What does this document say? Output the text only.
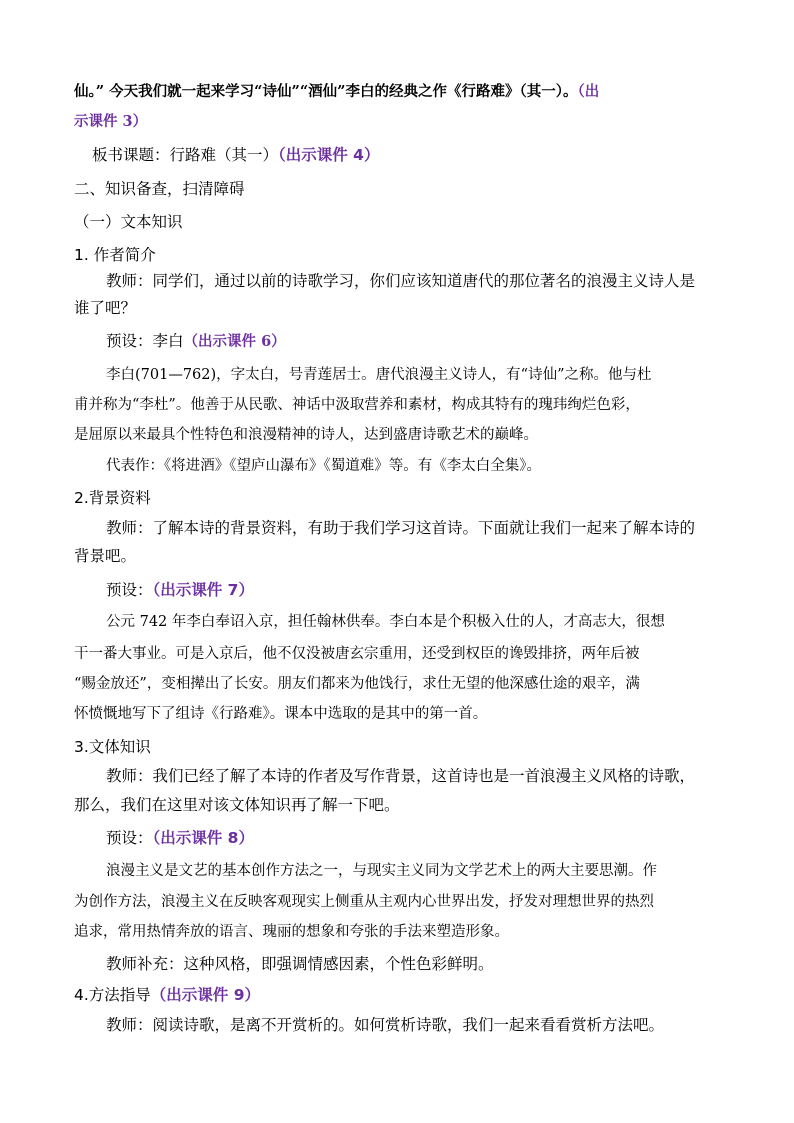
仙。” 今天我们就一起来学习“诗仙”“酒仙”李白的经典之作《行路难》（其一）。（出
示课件 3）
板书课题：行路难（其一）（出示课件 4）
二、知识备查，扫清障碍
（一）文本知识
1. 作者简介
教师：同学们，通过以前的诗歌学习，你们应该知道唐代的那位著名的浪漫主义诗人是
谁了吧？
预设：李白（出示课件 6）
李白(701—762)，字太白，号青莲居士。唐代浪漫主义诗人，有“诗仙”之称。他与杜
甫并称为“李杜”。他善于从民歌、神话中汲取营养和素材，构成其特有的瑰玮绚烂色彩，
是屈原以来最具个性特色和浪漫精神的诗人，达到盛唐诗歌艺术的巅峰。
代表作：《将进酒》《望庐山瀑布》《蜀道难》等。有《李太白全集》。
2.背景资料
教师：了解本诗的背景资料，有助于我们学习这首诗。下面就让我们一起来了解本诗的
背景吧。
预设：（出示课件 7）
公元 742 年李白奉诏入京，担任翰林供奉。李白本是个积极入仕的人，才高志大，很想
干一番大事业。可是入京后，他不仅没被唐玄宗重用，还受到权臣的谗毁排挤，两年后被
“赐金放还”，变相撵出了长安。朋友们都来为他饯行，求仕无望的他深感仕途的艰辛，满
怀愤慨地写下了组诗《行路难》。课本中选取的是其中的第一首。
3.文体知识
教师：我们已经了解了本诗的作者及写作背景，这首诗也是一首浪漫主义风格的诗歌，
那么，我们在这里对该文体知识再了解一下吧。
预设：（出示课件 8）
浪漫主义是文艺的基本创作方法之一，与现实主义同为文学艺术上的两大主要思潮。作
为创作方法，浪漫主义在反映客观现实上侧重从主观内心世界出发，抒发对理想世界的热烈
追求，常用热情奔放的语言、瑰丽的想象和夸张的手法来塑造形象。
教师补充：这种风格，即强调情感因素，个性色彩鲜明。
4.方法指导（出示课件 9）
教师：阅读诗歌，是离不开赏析的。如何赏析诗歌，我们一起来看看赏析方法吧。
